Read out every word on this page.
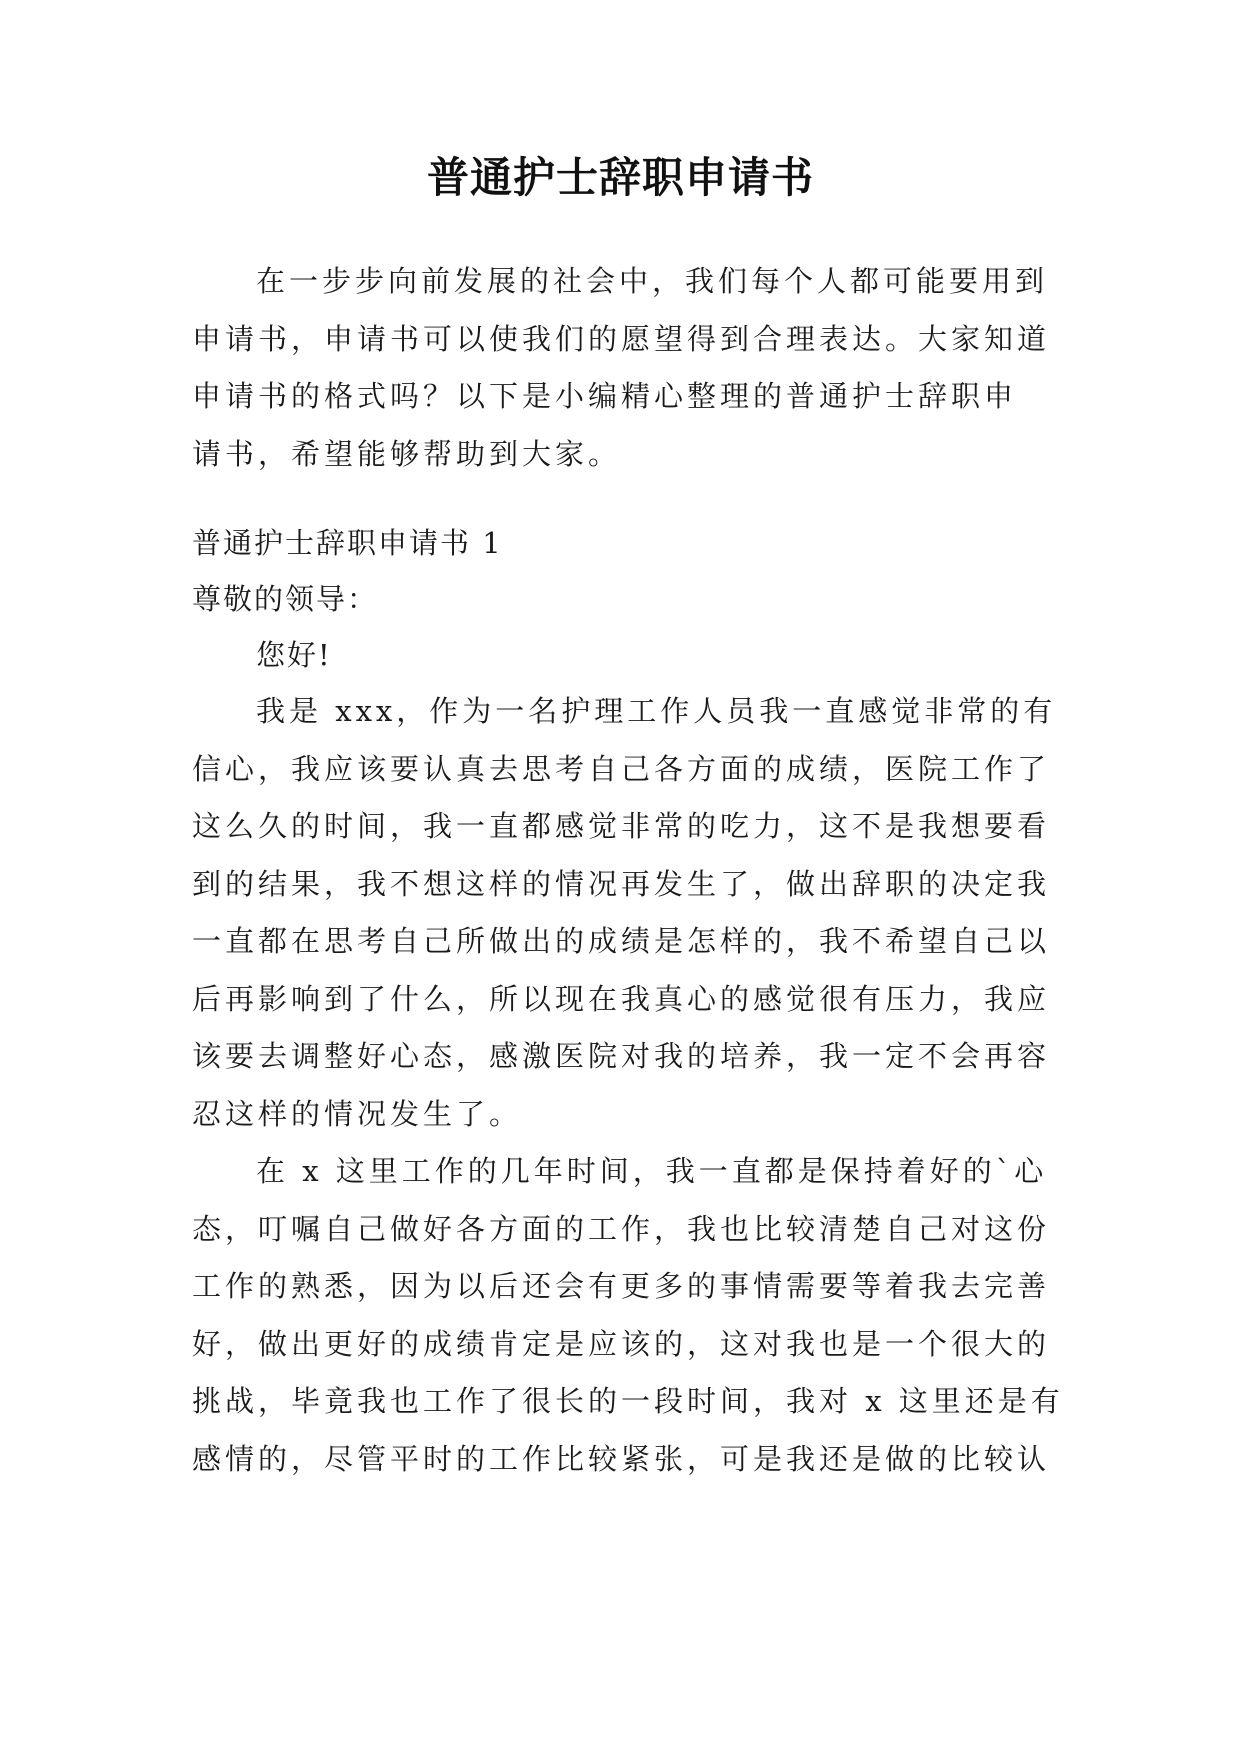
普通护士辞职申请书
在一步步向前发展的社会中，我们每个人都可能要用到
申请书，申请书可以使我们的愿望得到合理表达。大家知道
申请书的格式吗？以下是小编精心整理的普通护士辞职申
请书，希望能够帮助到大家。
普通护士辞职申请书 1
尊敬的领导：
您好!
我是 xxx，作为一名护理工作人员我一直感觉非常的有
信心，我应该要认真去思考自己各方面的成绩，医院工作了
这么久的时间，我一直都感觉非常的吃力，这不是我想要看
到的结果，我不想这样的情况再发生了，做出辞职的决定我
一直都在思考自己所做出的成绩是怎样的，我不希望自己以
后再影响到了什么，所以现在我真心的感觉很有压力，我应
该要去调整好心态，感激医院对我的培养，我一定不会再容
忍这样的情况发生了。
在 x 这里工作的几年时间，我一直都是保持着好的`心
态，叮嘱自己做好各方面的工作，我也比较清楚自己对这份
工作的熟悉，因为以后还会有更多的事情需要等着我去完善
好，做出更好的成绩肯定是应该的，这对我也是一个很大的
挑战，毕竟我也工作了很长的一段时间，我对 x 这里还是有
感情的，尽管平时的工作比较紧张，可是我还是做的比较认
